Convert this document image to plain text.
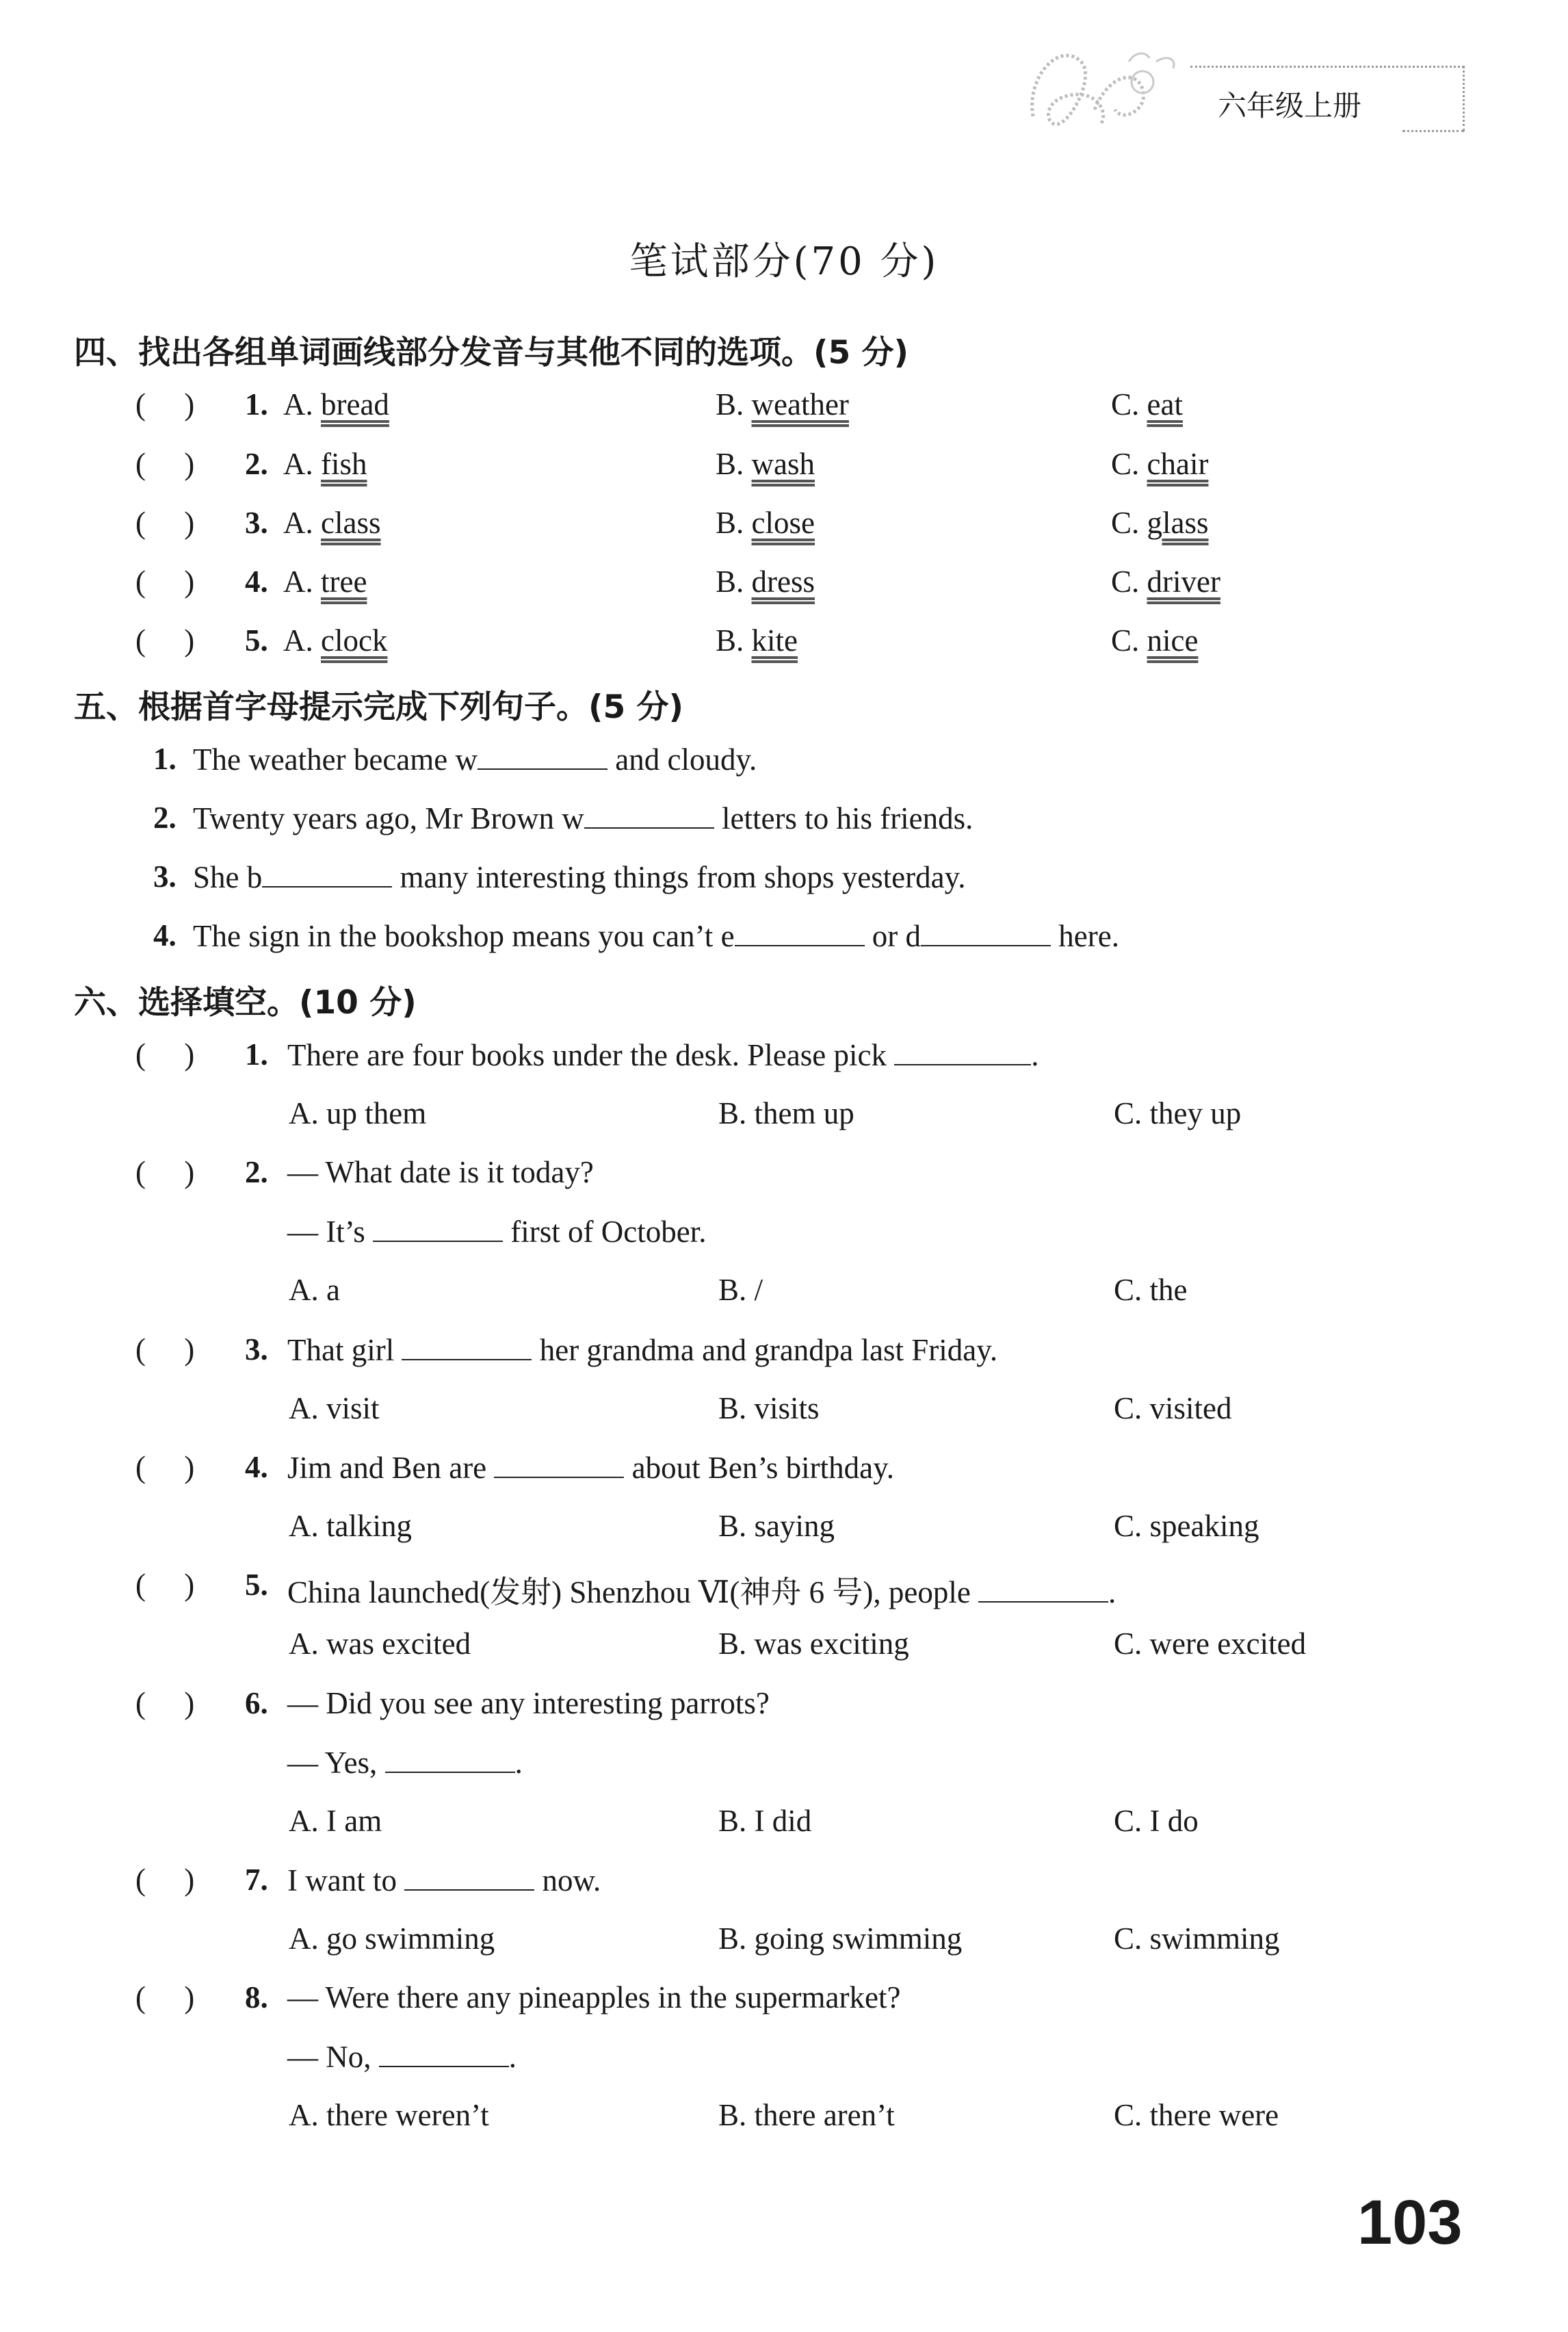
六年级上册
笔试部分(70 分)
四、找出各组单词画线部分发音与其他不同的选项。(5 分)
(     ) 1. A. bread	B. weather	C. eat
(     ) 2. A. fish	B. wash	C. chair
(     ) 3. A. class	B. close	C. glass
(     ) 4. A. tree	B. dress	C. driver
(     ) 5. A. clock	B. kite	C. nice
五、根据首字母提示完成下列句子。(5 分)
1. The weather became w	and cloudy.
2. Twenty years ago, Mr Brown w	letters to his friends.
3. She b	many interesting things from shops yesterday.
4. The sign in the bookshop means you can’t e	or d	here.
六、选择填空。(10 分)
(     ) 1. There are four books under the desk. Please pick	.
A. up them	B. them up	C. they up
(     ) 2. — What date is it today?
— It’s	first of October.
A. a	B. /	C. the
(     ) 3. That girl	her grandma and grandpa last Friday.
A. visit	B. visits	C. visited
(     ) 4. Jim and Ben are	about Ben’s birthday.
A. talking	B. saying	C. speaking
(     ) 5. China launched(发射) Shenzhou Ⅵ(神舟 6 号), people	.
A. was excited	B. was exciting	C. were excited
(     ) 6. — Did you see any interesting parrots?
— Yes,	.
A. I am	B. I did	C. I do
(     ) 7. I want to	now.
A. go swimming	B. going swimming	C. swimming
(     ) 8. — Were there any pineapples in the supermarket?
— No,	.
A. there weren’t	B. there aren’t	C. there were
103
